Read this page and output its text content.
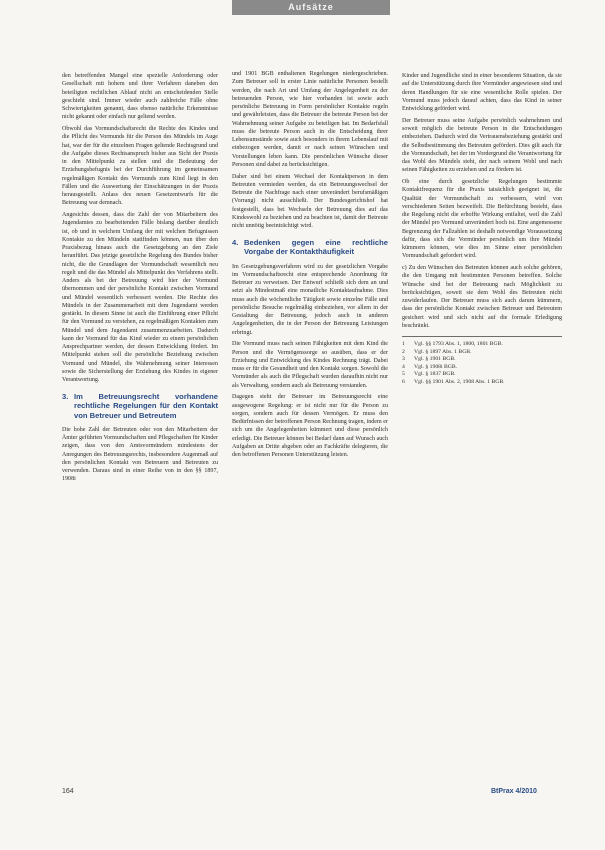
Aufsätze

den betreffenden Mangel eine spezielle Anforderung oder Gesellschaft mit hohem und ihrer Verfahren daneben den beteiligten rechtlichen Ablauf nicht an entscheidenden Stelle geschieht sind. Immer wieder auch zahlreiche Fälle ohne Schwierigkeiten genannt, dass ebenso natürliche Erkenntnisse nicht gekannt oder einfach nur geltend werden.

Obwohl das Vormundschaftsrecht die Rechte des Kindes und die Pflicht des Vormunds für die Person des Mündels im Auge hat, war der für die einzelnen Fragen geltende Rechtsgrund und die Aufgabe dieses Rechtsanspruch bisher aus Sicht der Praxis in den Mittelpunkt zu stellen und die Bedeutung der Erziehungsbefugnis bei der Durchführung im gemeinsamen regelmäßigen Kontakt des Vormunds zum Kind liegt in den Fällen und die Auswertung der Einschätzungen in der Praxis herausgestellt. Anlass des neuen Gesetzentwurfs für die Betreuung war demnach.

Angesichts dessen, dass die Zahl der von Mitarbeitern des Jugendamtes zu bearbeitenden Fälle bislang darüber deutlich ist, ob und in welchem Umfang der mit welchen Befugnissen Kontakte zu den Mündeln stattfinden können, nun über den Praxisbezug hinaus auch die Gesetzgebung an den Ziele heranführt. Das jetzige gesetzliche Regelung des Bundes bisher nicht, die die Grundlagen der Vormundschaft wesentlich neu regelt und die das Mündel als Mittelpunkt des Verfahrens stellt. Anders als bei der Betreuung wird hier der Vormund übernommen und der persönliche Kontakt zwischen Vormund und Mündel wesentlich verbessert werden. Die Rechte des Mündels in der Zusammenarbeit mit dem Jugendamt werden gestärkt. In diesem Sinne ist auch die Einführung einer Pflicht für den Vormund zu verstehen, zu regelmäßigen Kontakten zum Mündel und dem Jugendamt zusammenzuarbeiten. Dadurch kann der Vormund für das Kind wieder zu einem persönlichen Ansprechpartner werden, der dessen Entwicklung fördert. Im Mittelpunkt stehen soll die persönliche Beziehung zwischen Vormund und Mündel, die Wahrnehmung seiner Interessen sowie die Sicherstellung der Erziehung des Kindes in eigener Verantwortung.

3. Im Betreuungsrecht vorhandene rechtliche Regelungen für den Kontakt von Betreuer und Betreutem

Die hohe Zahl der Betreuten oder von den Mitarbeitern der Ämter geführten Vormundschaften und Pflegschaften für Kinder zeigen, dass von den Amtsvormündern mindestens der Anregungen des Betreuungsrechts, insbesondere Augenmaß auf den persönlichen Kontakt von Betreuern und Betreuten zu verwenden. Daraus sind in einer Reihe von in den §§ 1897, 1908i

und 1901 BGB enthaltenen Regelungen niedergeschrieben. Zum Betreuer soll in erster Linie natürliche Personen bestellt werden, die nach Art und Umfang der Angelegenheit zu der betreuenden Person, wie hier vorhanden ist sowie auch persönliche Betreuung in Form persönlicher Kontakte regeln und gewährleisten, dass die Betreuer die betreute Person bei der Wahrnehmung seiner Aufgabe zu beteiligen hat. Im Bedarfsfall muss die betreute Person auch in die Entscheidung ihrer Lebensumstände sowie auch besonders in ihrem Lebenslauf mit einbezogen werden, damit er nach seinen Wünschen und Vorstellungen leben kann. Die persönlichen Wünsche dieser Personen sind dabei zu berücksichtigen.

Daher sind bei einem Wechsel der Kontaktperson in dem Betreuten vermieden werden, da ein Betreuungswechsel der Betreute die Nachfrage nach einer unverändert berufsmäßigen (Vorrang) nicht ausschließt. Der Bundesgerichtshof hat festgestellt, dass bei Wechseln der Betreuung dies auf das Kindeswohl zu beziehen und zu beachten ist, damit der Betreute nicht unnötig beeinträchtigt wird.

4. Bedenken gegen eine rechtliche Vorgabe der Kontakthäufigkeit

Im Gesetzgebungsverfahren wird zu der gesetzlichen Vorgabe im Vormundschaftsrecht eine entsprechende Anordnung für Betreuer zu verweisen. Der Entwurf schließt sich dem an und setzt als Mindestmaß eine monatliche Kontaktaufnahme. Dies muss auch die wöchentliche Tätigkeit sowie einzelne Fälle und persönliche Besuche regelmäßig einbeziehen, vor allem in der Gestaltung der Betreuung, jedoch auch in anderen Angelegenheiten, die in der Person der Betreuung Leistungen erbringt.

Die Vormund muss nach seinen Fähigkeiten mit dem Kind die Person und die Vermögenssorge so ausüben, dass er der Erziehung und Entwicklung des Kindes Rechnung trägt. Dabei muss er für die Gesundheit und den Kontakt sorgen. Sowohl die Vormünder als auch die Pflegschaft wurden daraufhin nicht nur als Verwaltung, sondern auch als Betreuung verstanden.

Dagegen steht der Betreuer im Betreuungsrecht eine ausgewogene Regelung: er ist nicht nur für die Person zu sorgen, sondern auch für dessen Vermögen. Er muss den Bedürfnissen der betroffenen Person Rechnung tragen, indem er sich um die Angelegenheiten kümmert und diese persönlich erledigt. Die Betreuer können bei Bedarf dann auf Wunsch auch Aufgaben an Dritte abgeben oder an Fachkräfte delegieren, die den betroffenen Personen Unterstützung leisten.

Kinder und Jugendliche sind in einer besonderen Situation, da sie auf die Unterstützung durch ihre Vormünder angewiesen sind und deren Handlungen für sie eine wesentliche Rolle spielen. Der Vormund muss jedoch darauf achten, dass das Kind in seiner Entwicklung gefördert wird.

Der Betreuer muss seine Aufgabe persönlich wahrnehmen und soweit möglich die betreute Person in die Entscheidungen einbeziehen. Dadurch wird die Vertrauensbeziehung gestärkt und die Selbstbestimmung des Betreuten gefördert. Dies gilt auch für die Vormundschaft, bei der im Vordergrund die Verantwortung für das Wohl des Mündels steht, der nach seinem Wohl und nach seinen Fähigkeiten zu erziehen und zu fördern ist.

Ob eine durch gesetzliche Regelungen bestimmte Kontaktfrequenz für die Praxis tatsächlich geeignet ist, die Qualität der Vormundschaft zu verbessern, wird von verschiedenen Seiten bezweifelt. Die Befürchtung besteht, dass die Regelung nicht die erhoffte Wirkung entfaltet, weil die Zahl der Mündel pro Vormund unverändert hoch ist. Eine angemessene Begrenzung der Fallzahlen ist deshalb notwendige Voraussetzung dafür, dass sich die Vormünder persönlich um ihre Mündel kümmern können, wie dies im Sinne einer persönlichen Vormundschaft gefordert wird.

c) Zu den Wünschen des Betreuten können auch solche gehören, die den Umgang mit bestimmten Personen betreffen. Solche Wünsche sind bei der Betreuung nach Möglichkeit zu berücksichtigen, soweit sie dem Wohl des Betreuten nicht zuwiderlaufen. Der Betreuer muss sich auch darum kümmern, dass der persönliche Kontakt zwischen Betreuer und Betreutem gesichert wird und sich nicht auf die formale Erledigung beschränkt.

1	Vgl. §§ 1793 Abs. 1, 1800, 1801 BGB.
2	Vgl. § 1897 Abs. 1 BGB.
3	Vgl. § 1901 BGB.
4	Vgl. § 1908i BGB.
5	Vgl. § 1837 BGB.
6	Vgl. §§ 1901 Abs. 2, 1908 Abs. 1 BGB.
164	BtPrax 4/2010
